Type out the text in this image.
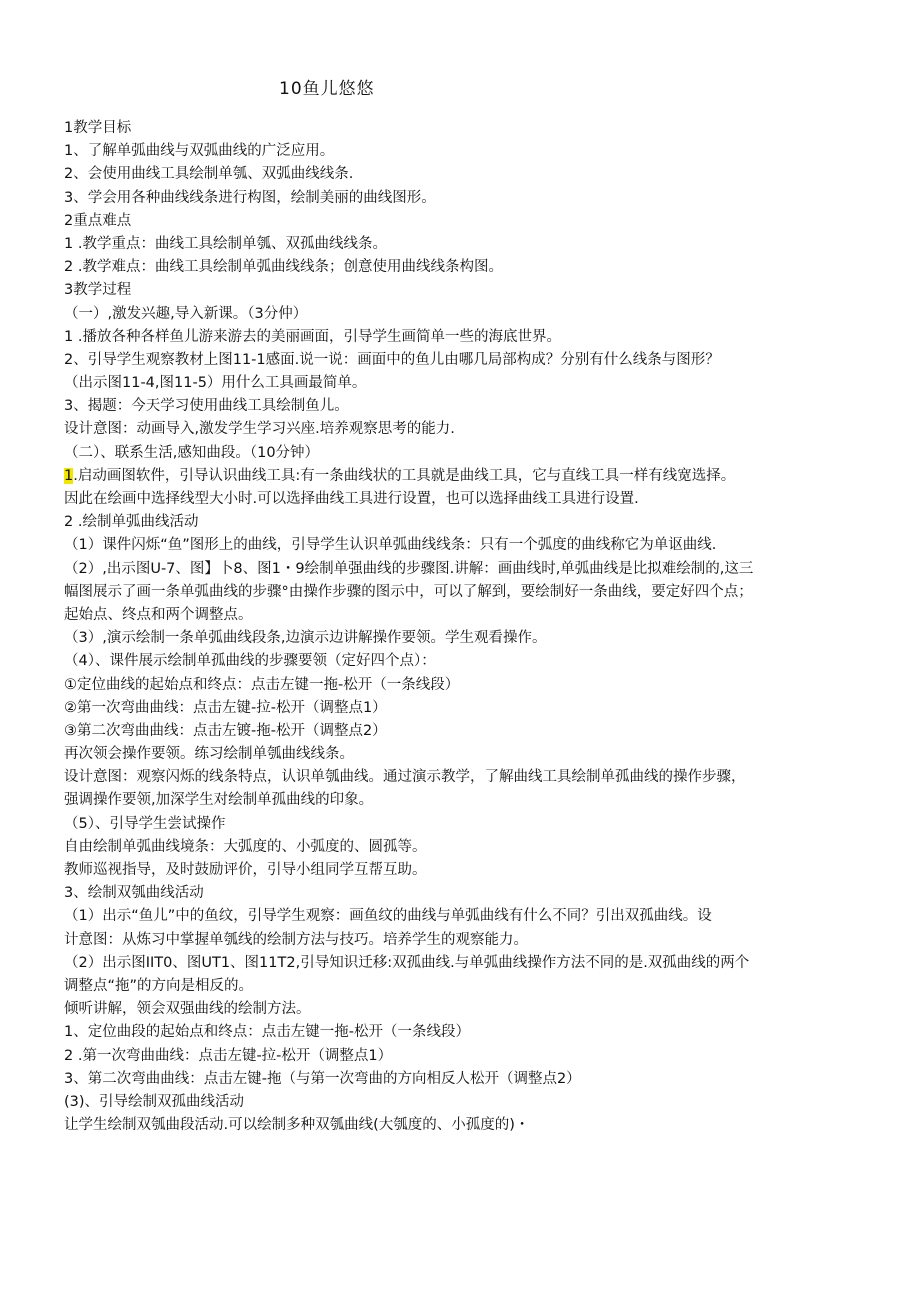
10鱼儿悠悠
1教学目标
1、了解单弧曲线与双弧曲线的广泛应用。
2、会使用曲线工具绘制单瓠、双弧曲线线条.
3、学会用各种曲线线条进行构图，绘制美丽的曲线图形。
2重点难点
1 .教学重点：曲线工具绘制单瓠、双孤曲线线条。
2 .教学难点：曲线工具绘制单弧曲线线条；创意使用曲线线条构图。
3教学过程
（一）,激发兴趣,导入新课。（3分仲）
1 .播放各种各样鱼儿游来游去的美丽画面，引导学生画简单一些的海底世界。
2、引导学生观察教材上图11-1感面.说一说：画面中的鱼儿由哪几局部构成？分别有什么线条与图形？
（出示图11-4,图11-5）用什么工具画最简单。
3、揭题：今天学习使用曲线工具绘制鱼儿。
设计意图：动画导入,激发学生学习兴座.培养观察思考的能力.
（二）、联系生活,感知曲段。（10分钟）
1.启动画图软件，引导认识曲线工具:有一条曲线状的工具就是曲线工具，它与直线工具一样有线宽选择。
因此在绘画中选择线型大小时.可以选择曲线工具进行设置，也可以选择曲线工具进行设置.
2 .绘制单弧曲线活动
（1）课件闪烁“鱼”图形上的曲线，引导学生认识单弧曲线线条：只有一个弧度的曲线称它为单讴曲线.
（2）,出示图U-7、图】卜8、图1・9绘制单强曲线的步骤图.讲解：画曲线时,单弧曲线是比拟难绘制的,这三
幅图展示了画一条单弧曲线的步骤°由操作步骤的图示中，可以了解到，要绘制好一条曲线，要定好四个点；
起始点、终点和两个调整点。
（3）,演示绘制一条单弧曲线段条,边演示边讲解操作要领。学生观看操作。
（4）、课件展示绘制单孤曲线的步骤要领（定好四个点）：
①定位曲线的起始点和终点：点击左键一拖-松开（一条线段）
②第一次弯曲曲线：点击左键-拉-松开（调整点1）
③第二次弯曲曲线：点击左镀-拖-松开（调整点2）
再次领会操作要领。练习绘制单瓠曲线线条。
设计意图：观察闪烁的线条特点，认识单瓠曲线。通过演示教学，了解曲线工具绘制单孤曲线的操作步骤，
强调操作要领,加深学生对绘制单孤曲线的印象。
（5）、引导学生尝试操作
自由绘制单弧曲线境条：大弧度的、小弧度的、圆孤等。
教师巡视指导，及时鼓励评价，引导小组同学互帮互助。
3、绘制双瓠曲线活动
（1）出示“鱼儿”中的鱼纹，引导学生观察：画鱼纹的曲线与单弧曲线有什么不同？引出双孤曲线。设
计意图：从炼习中掌握单瓠线的绘制方法与技巧。培养学生的观察能力。
（2）出示图IIT0、图UT1、图11T2,引导知识迁移:双孤曲线.与单弧曲线操作方法不同的是.双孤曲线的两个
调整点“拖”的方向是相反的。
倾听讲解，领会双强曲线的绘制方法。
1、定位曲段的起始点和终点：点击左键一拖-松开（一条线段）
2 .第一次弯曲曲线：点击左键-拉-松开（调整点1）
3、第二次弯曲曲线：点击左键-拖（与第一次弯曲的方向相反人松开（调整点2）
(3)、引导绘制双孤曲线活动
让学生绘制双瓠曲段活动.可以绘制多种双瓠曲线(大瓠度的、小孤度的)・
